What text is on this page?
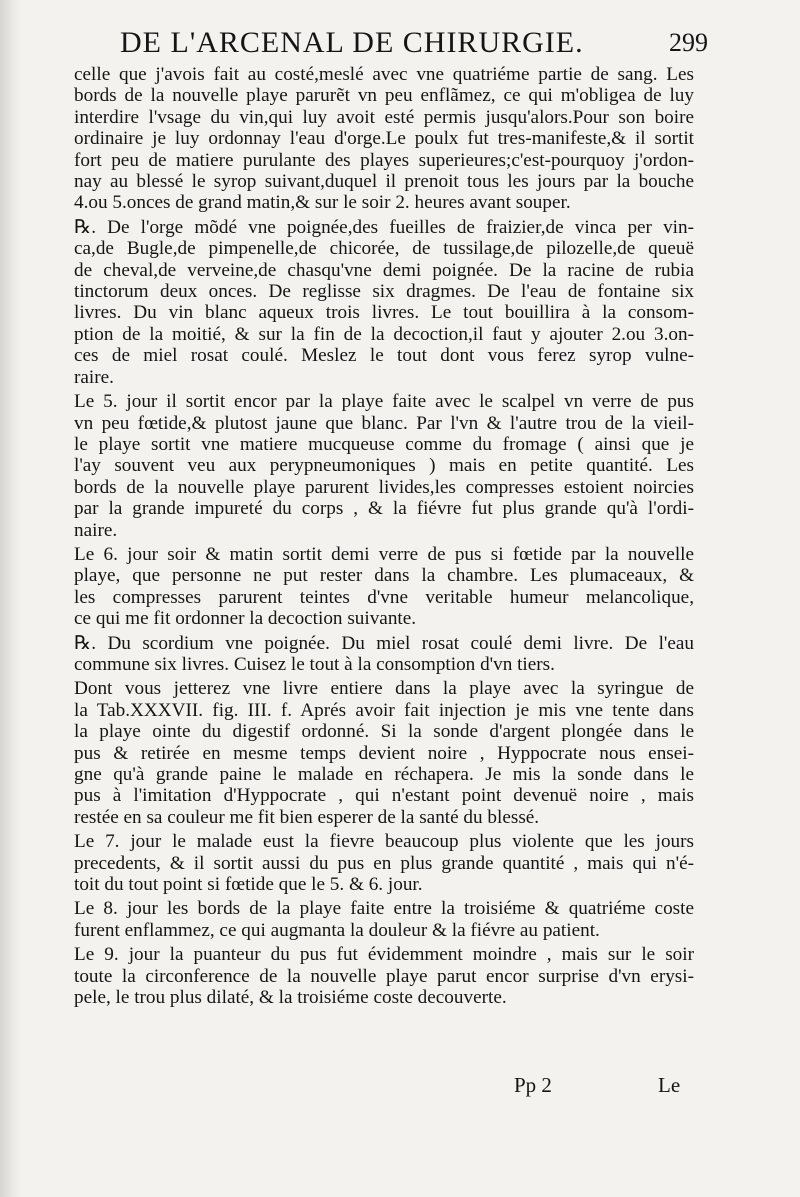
DE L'ARCENAL DE CHIRURGIE.	299
celle que j'avois fait au costé,meslé avec vne quatriéme partie de sang. Les
bords de la nouvelle playe parurẽt vn peu enflãmez, ce qui m'obligea de luy
interdire l'vsage du vin,qui luy avoit esté permis jusqu'alors.Pour son boire
ordinaire je luy ordonnay l'eau d'orge.Le poulx fut tres-manifeste,& il sortit
fort peu de matiere purulante des playes superieures;c'est-pourquoy j'ordon-
nay au blessé le syrop suivant,duquel il prenoit tous les jours par la bouche
4.ou 5.onces de grand matin,& sur le soir 2. heures avant souper.
℞. De l'orge mõdé vne poignée,des fueilles de fraizier,de vinca per vin-
ca,de Bugle,de pimpenelle,de chicorée, de tussilage,de pilozelle,de queuë
de cheval,de verveine,de chasqu'vne demi poignée. De la racine de rubia
tinctorum deux onces. De reglisse six dragmes. De l'eau de fontaine six
livres. Du vin blanc aqueux trois livres. Le tout bouillira à la consom-
ption de la moitié, & sur la fin de la decoction,il faut y ajouter 2.ou 3.on-
ces de miel rosat coulé. Meslez le tout dont vous ferez syrop vulne-
raire.
Le 5. jour il sortit encor par la playe faite avec le scalpel vn verre de pus
vn peu fœtide,& plutost jaune que blanc. Par l'vn & l'autre trou de la vieil-
le playe sortit vne matiere mucqueuse comme du fromage ( ainsi que je
l'ay souvent veu aux perypneumoniques ) mais en petite quantité. Les
bords de la nouvelle playe parurent livides,les compresses estoient noircies
par la grande impureté du corps , & la fiévre fut plus grande qu'à l'ordi-
naire.
Le 6. jour soir & matin sortit demi verre de pus si fœtide par la nouvelle
playe, que personne ne put rester dans la chambre. Les plumaceaux, &
les compresses parurent teintes d'vne veritable humeur melancolique,
ce qui me fit ordonner la decoction suivante.
℞. Du scordium vne poignée. Du miel rosat coulé demi livre. De l'eau
commune six livres. Cuisez le tout à la consomption d'vn tiers.
Dont vous jetterez vne livre entiere dans la playe avec la syringue de
la Tab.XXXVII. fig. III. f. Aprés avoir fait injection je mis vne tente dans
la playe ointe du digestif ordonné. Si la sonde d'argent plongée dans le
pus & retirée en mesme temps devient noire , Hyppocrate nous ensei-
gne qu'à grande paine le malade en réchapera. Je mis la sonde dans le
pus à l'imitation d'Hyppocrate , qui n'estant point devenuë noire , mais
restée en sa couleur me fit bien esperer de la santé du blessé.
Le 7. jour le malade eust la fievre beaucoup plus violente que les jours
precedents, & il sortit aussi du pus en plus grande quantité , mais qui n'é-
toit du tout point si fœtide que le 5. & 6. jour.
Le 8. jour les bords de la playe faite entre la troisiéme & quatriéme coste
furent enflammez, ce qui augmanta la douleur & la fiévre au patient.
Le 9. jour la puanteur du pus fut évidemment moindre , mais sur le soir
toute la circonference de la nouvelle playe parut encor surprise d'vn erysi-
pele, le trou plus dilaté, & la troisiéme coste decouverte.
Pp 2	Le
